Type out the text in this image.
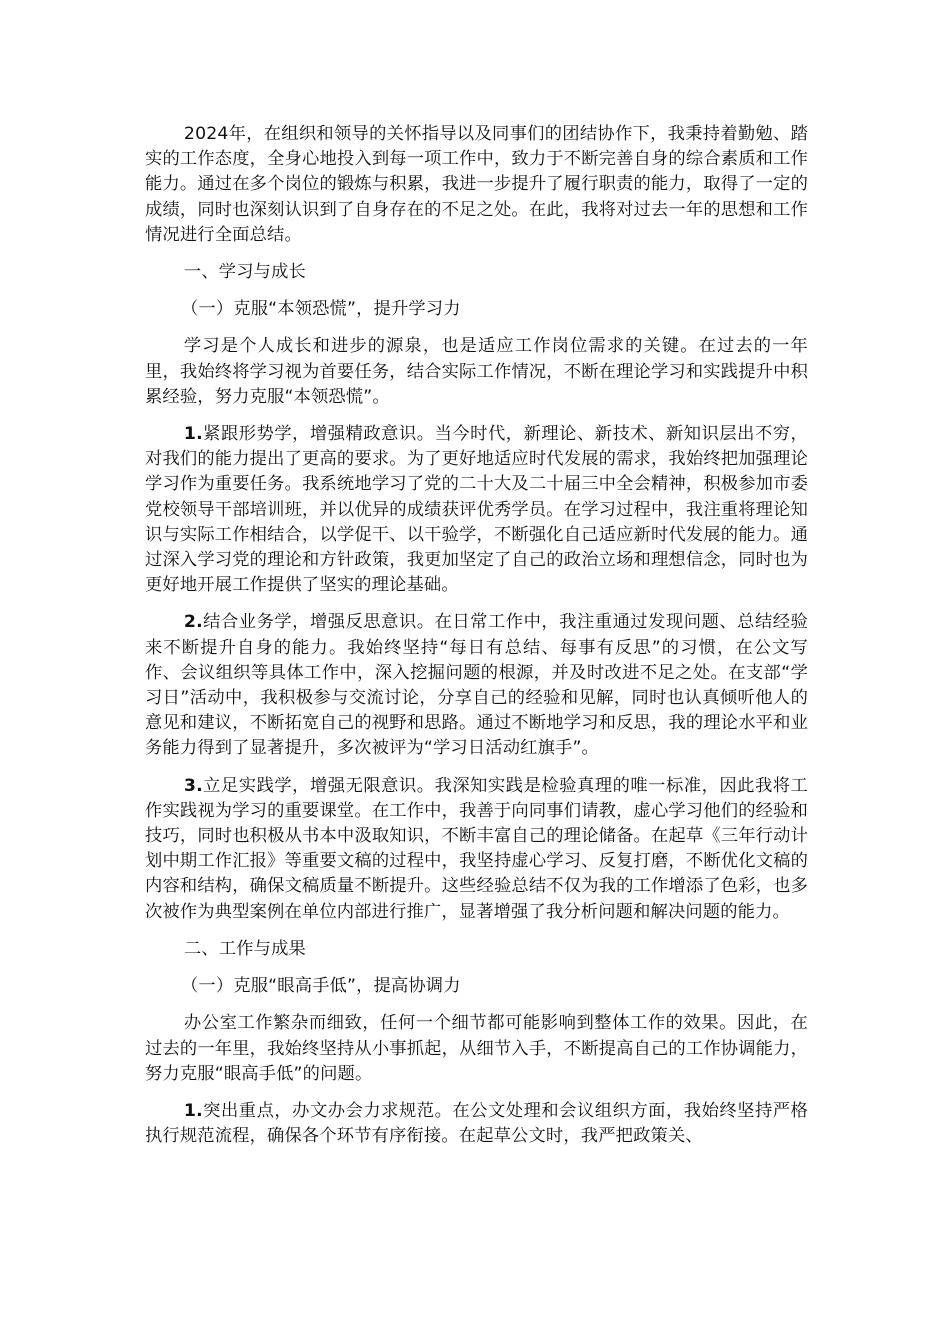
2024年，在组织和领导的关怀指导以及同事们的团结协作下，我秉持着勤勉、踏实的工作态度，全身心地投入到每一项工作中，致力于不断完善自身的综合素质和工作能力。通过在多个岗位的锻炼与积累，我进一步提升了履行职责的能力，取得了一定的成绩，同时也深刻认识到了自身存在的不足之处。在此，我将对过去一年的思想和工作情况进行全面总结。

一、学习与成长

（一）克服“本领恐慌”，提升学习力

学习是个人成长和进步的源泉，也是适应工作岗位需求的关键。在过去的一年里，我始终将学习视为首要任务，结合实际工作情况，不断在理论学习和实践提升中积累经验，努力克服“本领恐慌”。

1.紧跟形势学，增强精政意识。当今时代，新理论、新技术、新知识层出不穷，对我们的能力提出了更高的要求。为了更好地适应时代发展的需求，我始终把加强理论学习作为重要任务。我系统地学习了党的二十大及二十届三中全会精神，积极参加市委党校领导干部培训班，并以优异的成绩获评优秀学员。在学习过程中，我注重将理论知识与实际工作相结合，以学促干、以干验学，不断强化自己适应新时代发展的能力。通过深入学习党的理论和方针政策，我更加坚定了自己的政治立场和理想信念，同时也为更好地开展工作提供了坚实的理论基础。

2.结合业务学，增强反思意识。在日常工作中，我注重通过发现问题、总结经验来不断提升自身的能力。我始终坚持“每日有总结、每事有反思”的习惯，在公文写作、会议组织等具体工作中，深入挖掘问题的根源，并及时改进不足之处。在支部“学习日”活动中，我积极参与交流讨论，分享自己的经验和见解，同时也认真倾听他人的意见和建议，不断拓宽自己的视野和思路。通过不断地学习和反思，我的理论水平和业务能力得到了显著提升，多次被评为“学习日活动红旗手”。

3.立足实践学，增强无限意识。我深知实践是检验真理的唯一标准，因此我将工作实践视为学习的重要课堂。在工作中，我善于向同事们请教，虚心学习他们的经验和技巧，同时也积极从书本中汲取知识，不断丰富自己的理论储备。在起草《三年行动计划中期工作汇报》等重要文稿的过程中，我坚持虚心学习、反复打磨，不断优化文稿的内容和结构，确保文稿质量不断提升。这些经验总结不仅为我的工作增添了色彩，也多次被作为典型案例在单位内部进行推广，显著增强了我分析问题和解决问题的能力。

二、工作与成果

（一）克服“眼高手低”，提高协调力

办公室工作繁杂而细致，任何一个细节都可能影响到整体工作的效果。因此，在过去的一年里，我始终坚持从小事抓起，从细节入手，不断提高自己的工作协调能力，努力克服“眼高手低”的问题。

1.突出重点，办文办会力求规范。在公文处理和会议组织方面，我始终坚持严格执行规范流程，确保各个环节有序衔接。在起草公文时，我严把政策关、
